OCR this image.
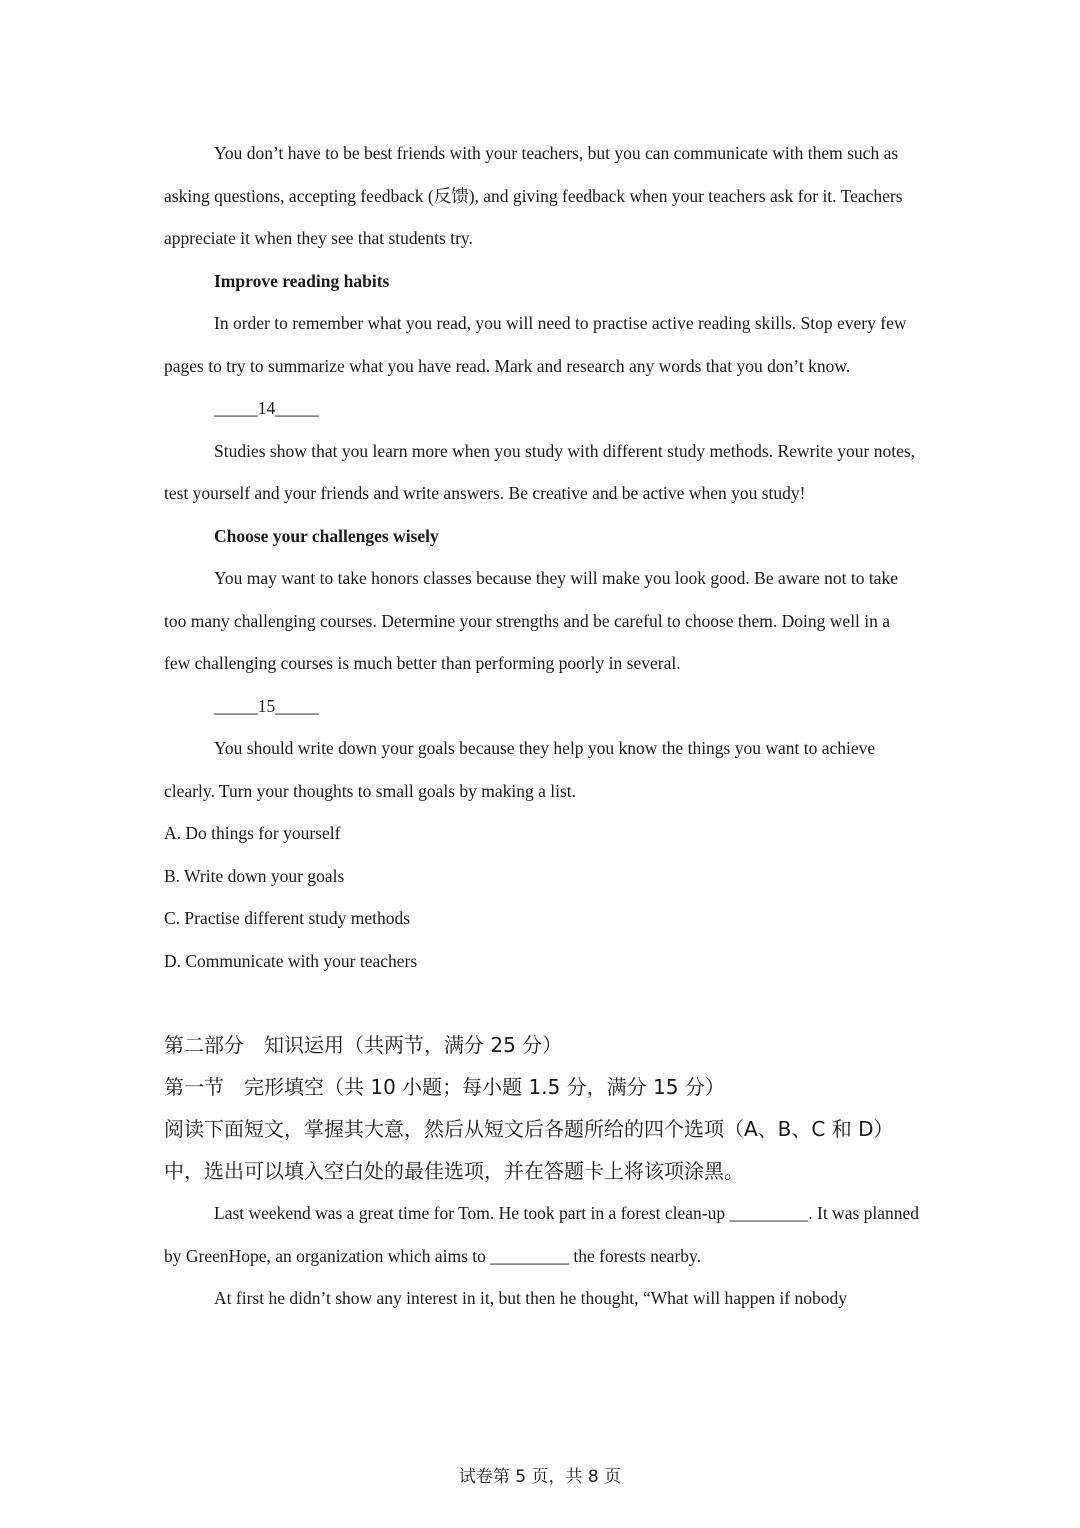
You don’t have to be best friends with your teachers, but you can communicate with them such as asking questions, accepting feedback (反馈), and giving feedback when your teachers ask for it. Teachers appreciate it when they see that students try.

Improve reading habits

In order to remember what you read, you will need to practise active reading skills. Stop every few pages to try to summarize what you have read. Mark and research any words that you don’t know.

_____14_____

Studies show that you learn more when you study with different study methods. Rewrite your notes, test yourself and your friends and write answers. Be creative and be active when you study!

Choose your challenges wisely

You may want to take honors classes because they will make you look good. Be aware not to take too many challenging courses. Determine your strengths and be careful to choose them. Doing well in a few challenging courses is much better than performing poorly in several.

_____15_____

You should write down your goals because they help you know the things you want to achieve clearly. Turn your thoughts to small goals by making a list.

A. Do things for yourself

B. Write down your goals

C. Practise different study methods

D. Communicate with your teachers

第二部分　知识运用（共两节，满分 25 分）

第一节　完形填空（共 10 小题；每小题 1.5 分，满分 15 分）

阅读下面短文，掌握其大意，然后从短文后各题所给的四个选项（A、B、C 和 D）中，选出可以填入空白处的最佳选项，并在答题卡上将该项涂黑。

Last weekend was a great time for Tom. He took part in a forest clean-up _________. It was planned by GreenHope, an organization which aims to _________ the forests nearby.

At first he didn’t show any interest in it, but then he thought, “What will happen if nobody

试卷第 5 页，共 8 页
